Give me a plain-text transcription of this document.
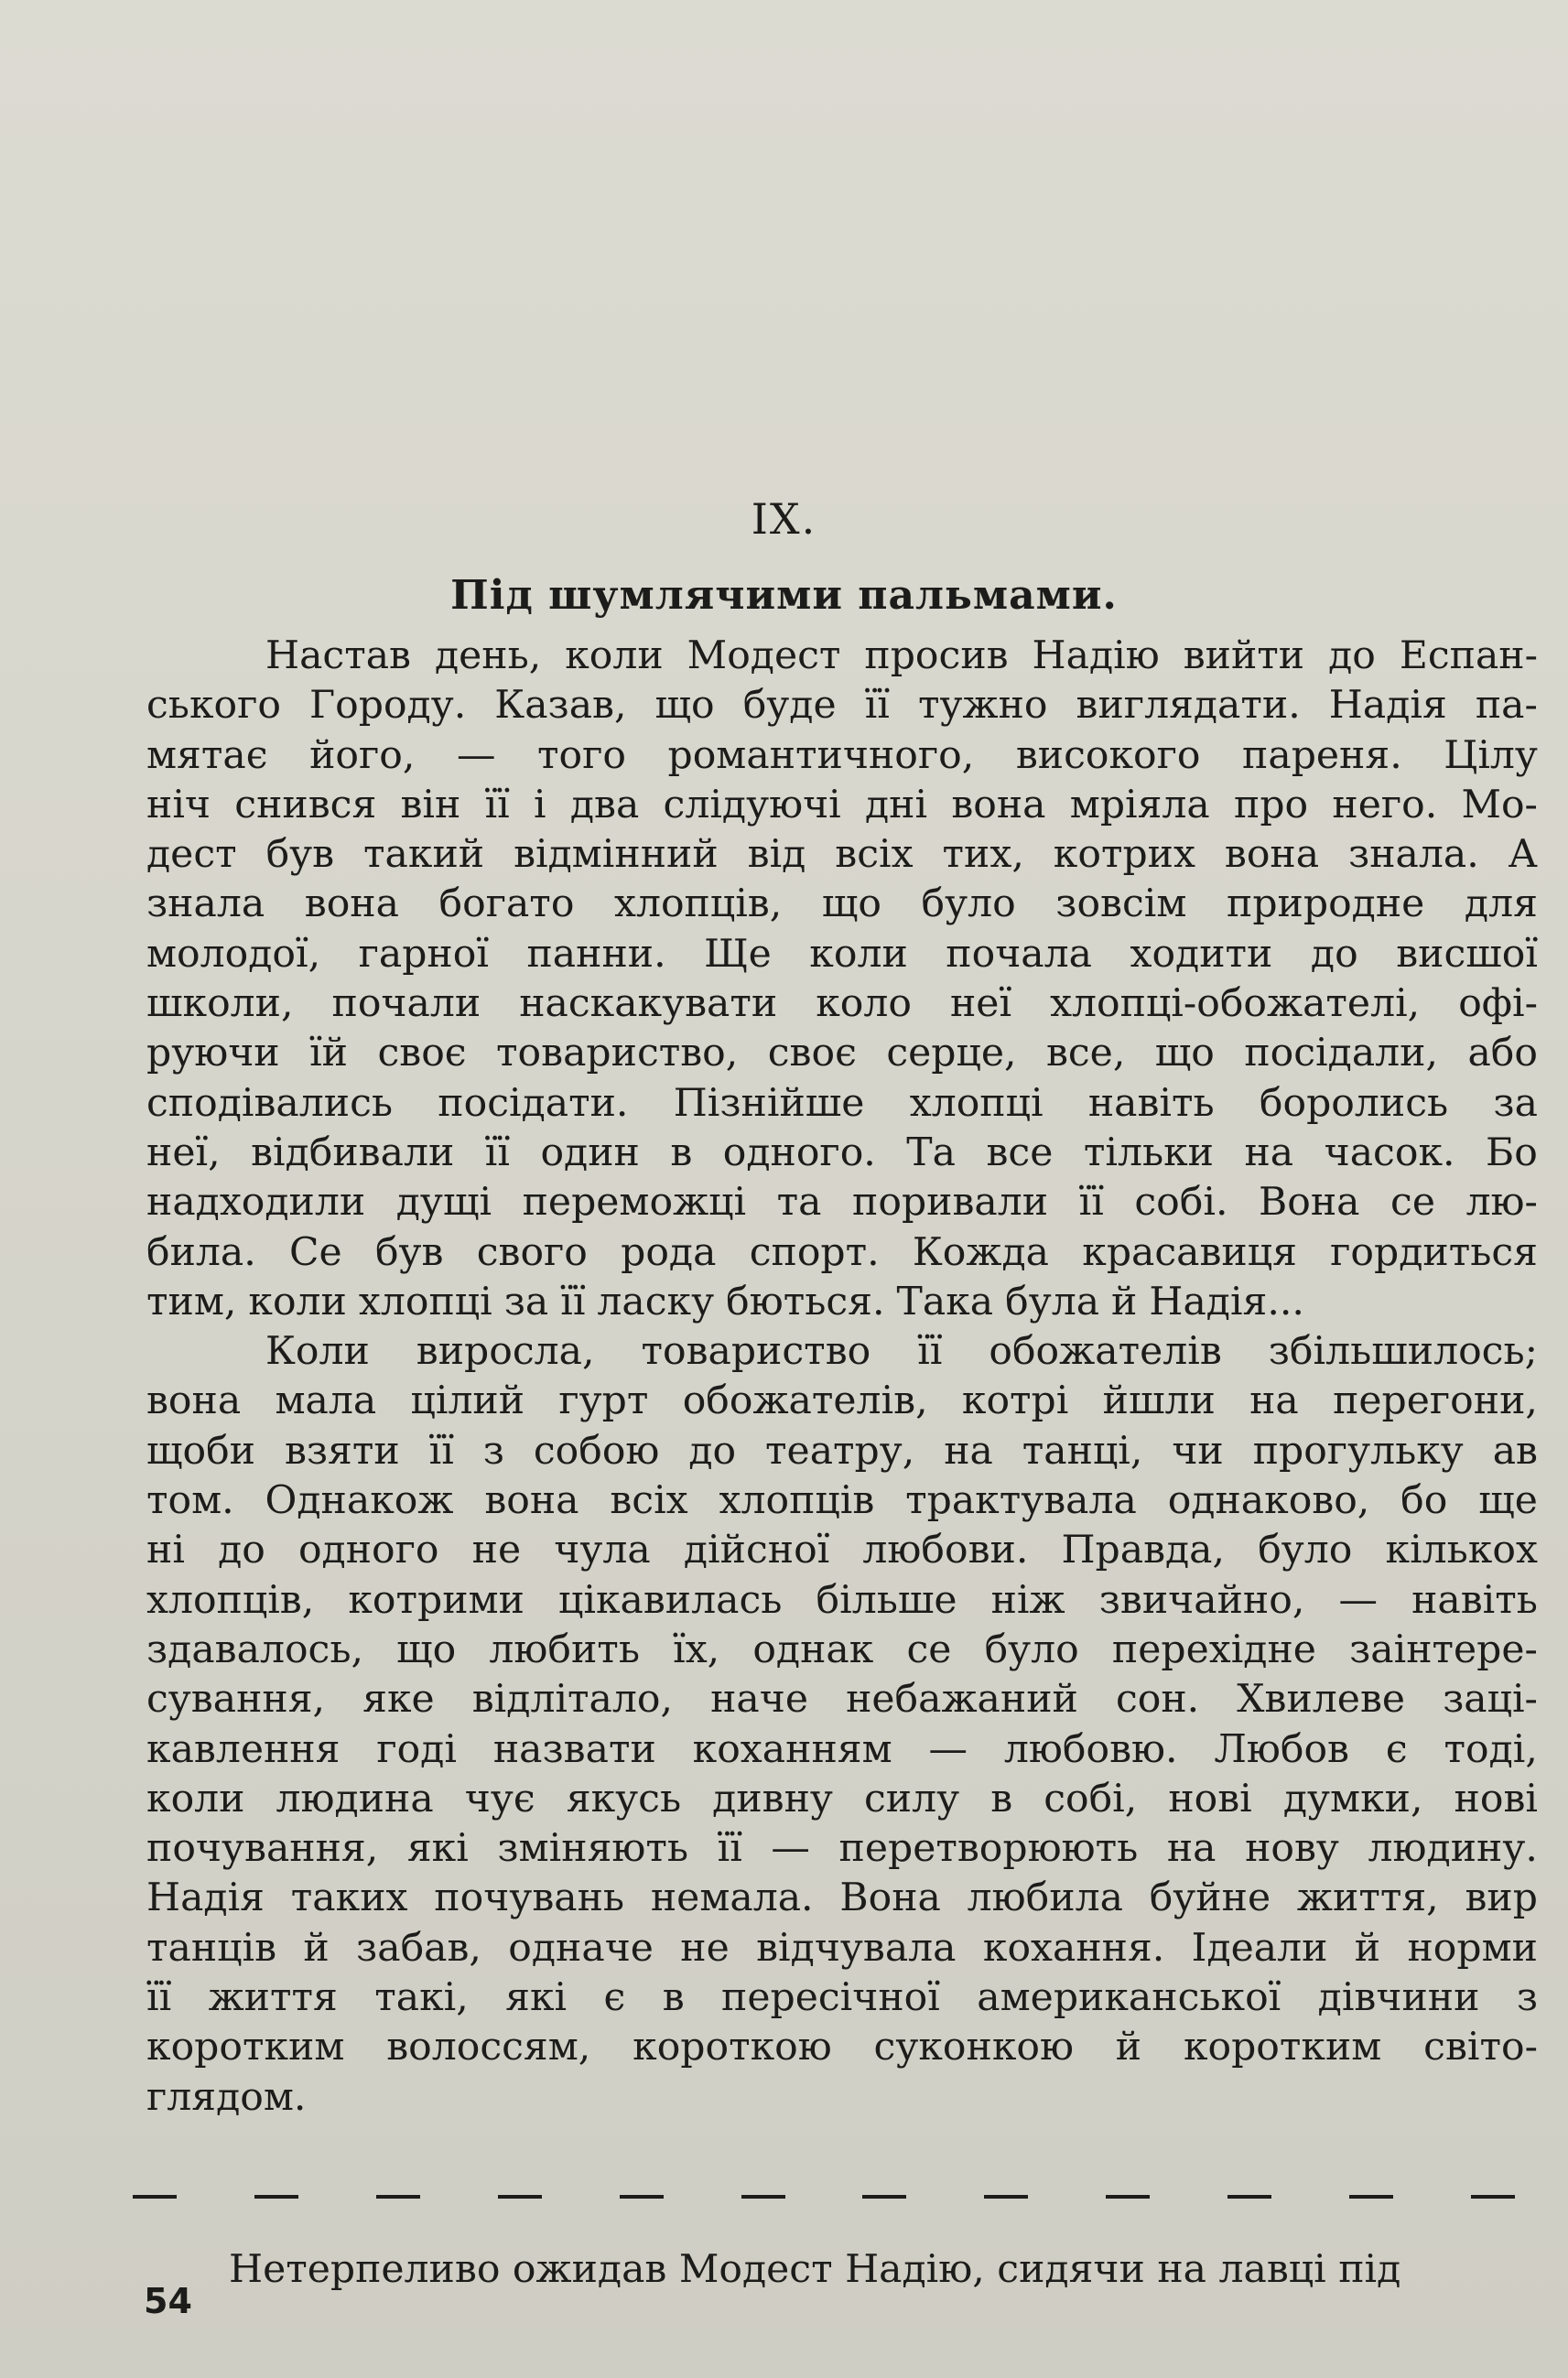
IX.
Під шумлячими пальмами.
Настав день, коли Модест просив Надію вийти до Еспан-
ського Городу. Казав, що буде її тужно виглядати. Надія па-
мятає його, — того романтичного, високого пареня. Цілу
ніч снився він її і два слідуючі дні вона мріяла про него. Мо-
дест був такий відмінний від всіх тих, котрих вона знала. А
знала вона богато хлопців, що було зовсім природне для
молодої, гарної панни. Ще коли почала ходити до висшої
школи, почали наскакувати коло неї хлопці-обожателі, офі-
руючи їй своє товариство, своє серце, все, що посідали, або
сподівались посідати. Пізнійше хлопці навіть боролись за
неї, відбивали її один в одного. Та все тільки на часок. Бо
надходили дущі переможці та поривали її собі. Вона се лю-
била. Се був свого рода спорт. Кожда красавиця гордиться
тим, коли хлопці за її ласку бються. Така була й Надія...
Коли виросла, товариство її обожателів збільшилось;
вона мала цілий гурт обожателів, котрі йшли на перегони,
щоби взяти її з собою до театру, на танці, чи прогульку ав
том. Однакож вона всіх хлопців трактувала однаково, бо ще
ні до одного не чула дійсної любови. Правда, було кількох
хлопців, котрими цікавилась більше ніж звичайно, — навіть
здавалось, що любить їх, однак се було перехідне заінтере-
сування, яке відлітало, наче небажаний сон. Хвилеве заці-
кавлення годі назвати коханням — любовю. Любов є тоді,
коли людина чує якусь дивну силу в собі, нові думки, нові
почування, які зміняють її — перетворюють на нову людину.
Надія таких почувань немала. Вона любила буйне життя, вир
танців й забав, одначе не відчувала кохання. Ідеали й норми
її життя такі, які є в пересічної американської дівчини з
коротким волоссям, короткою суконкою й коротким світо-
глядом.
Нетерпеливо ожидав Модест Надію, сидячи на лавці під
54
